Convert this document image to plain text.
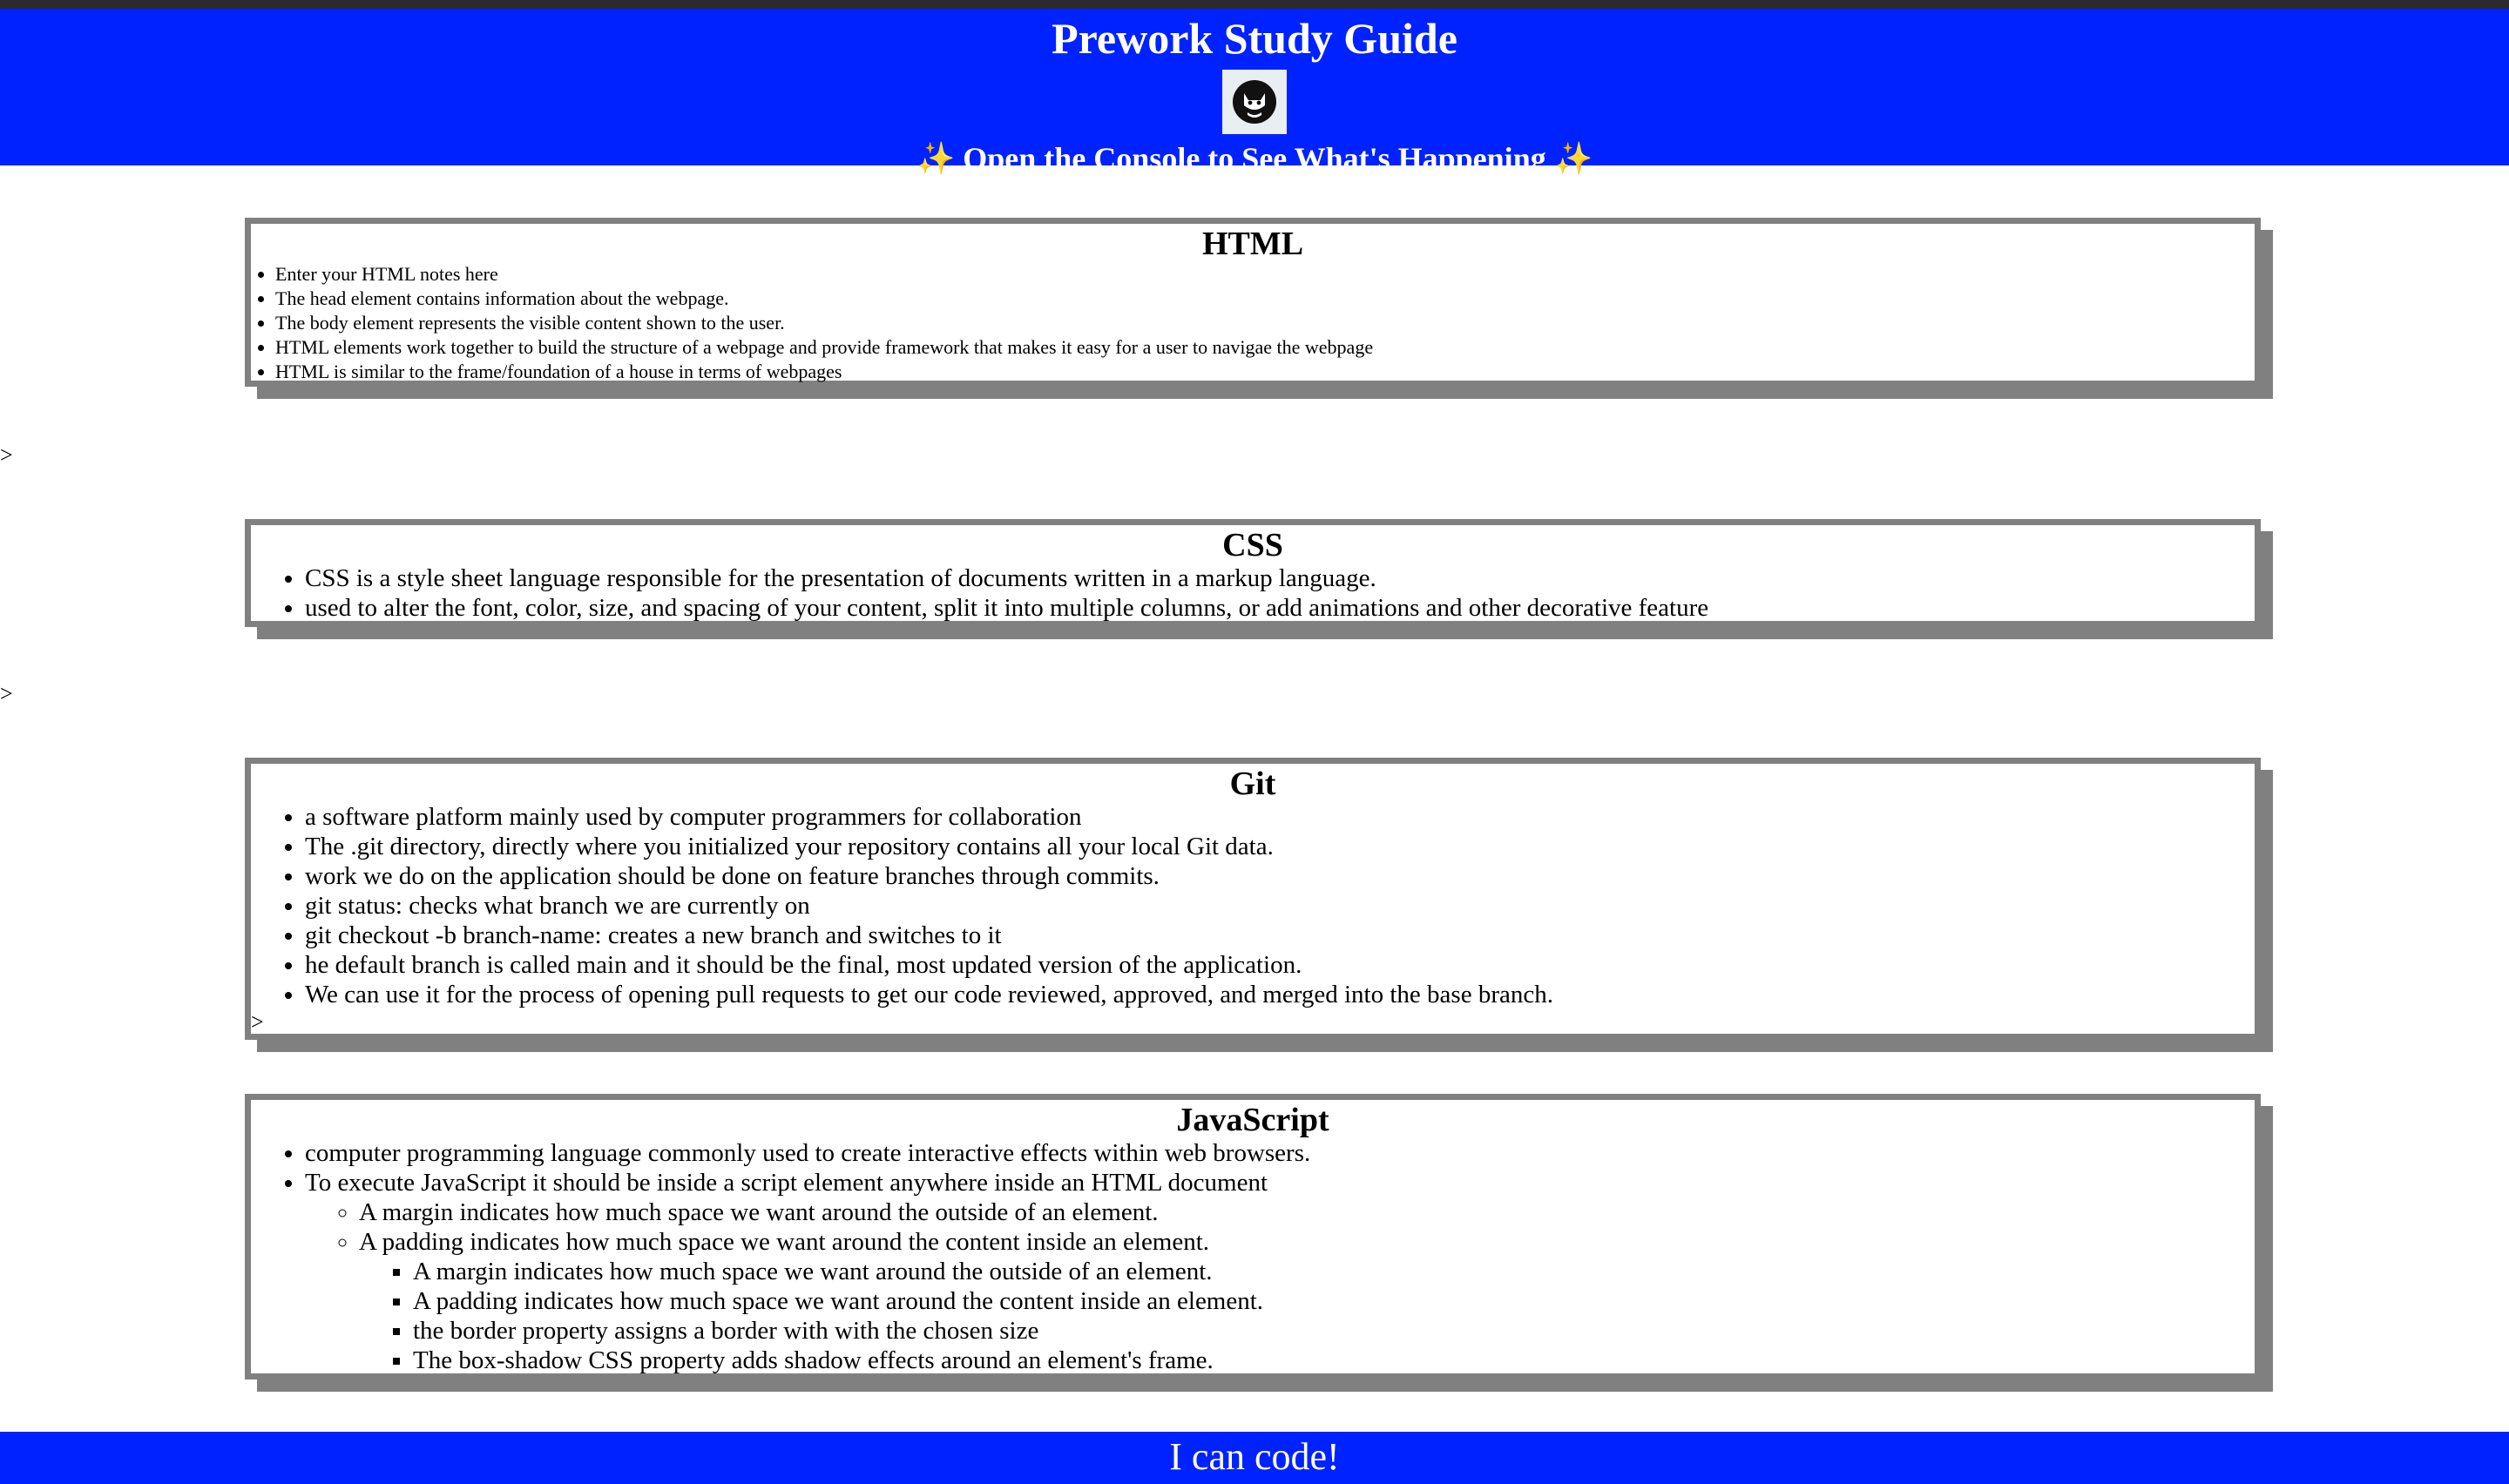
Prework Study Guide
✨ Open the Console to See What's Happening ✨
HTML
• Enter your HTML notes here
• The head element contains information about the webpage.
• The body element represents the visible content shown to the user.
• HTML elements work together to build the structure of a webpage and provide framework that makes it easy for a user to navigae the webpage
• HTML is similar to the frame/foundation of a house in terms of webpages
>
CSS
• CSS is a style sheet language responsible for the presentation of documents written in a markup language.
• used to alter the font, color, size, and spacing of your content, split it into multiple columns, or add animations and other decorative feature
>
Git
• a software platform mainly used by computer programmers for collaboration
• The .git directory, directly where you initialized your repository contains all your local Git data.
• work we do on the application should be done on feature branches through commits.
• git status: checks what branch we are currently on
• git checkout -b branch-name: creates a new branch and switches to it
• he default branch is called main and it should be the final, most updated version of the application.
• We can use it for the process of opening pull requests to get our code reviewed, approved, and merged into the base branch.
>
JavaScript
• computer programming language commonly used to create interactive effects within web browsers.
• To execute JavaScript it should be inside a script element anywhere inside an HTML document
◦ A margin indicates how much space we want around the outside of an element.
◦ A padding indicates how much space we want around the content inside an element.
▪ A margin indicates how much space we want around the outside of an element.
▪ A padding indicates how much space we want around the content inside an element.
▪ the border property assigns a border with with the chosen size
▪ The box-shadow CSS property adds shadow effects around an element's frame.
I can code!
